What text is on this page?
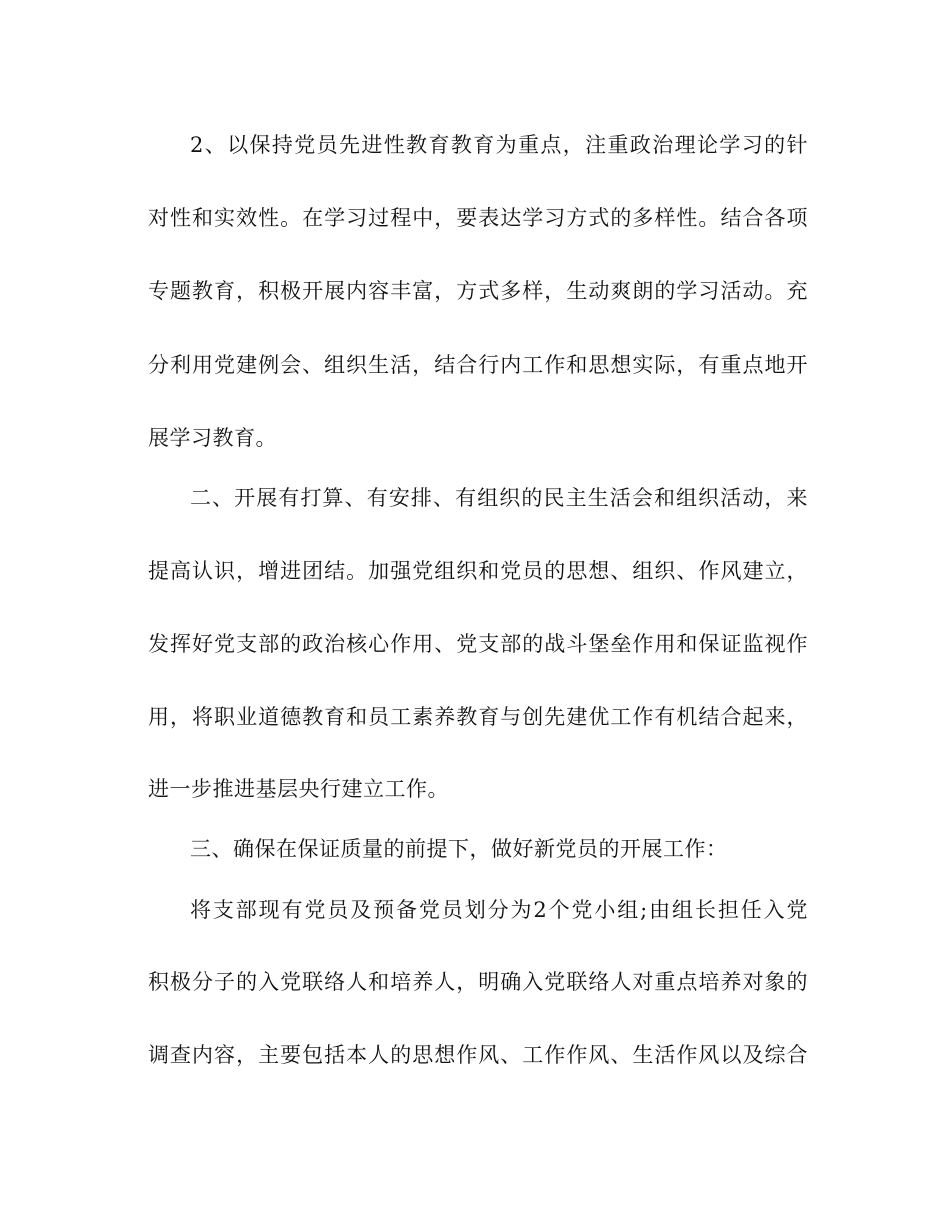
2、以保持党员先进性教育教育为重点，注重政治理论学习的针
对性和实效性。在学习过程中，要表达学习方式的多样性。结合各项
专题教育，积极开展内容丰富，方式多样，生动爽朗的学习活动。充
分利用党建例会、组织生活，结合行内工作和思想实际，有重点地开
展学习教育。
二、开展有打算、有安排、有组织的民主生活会和组织活动，来
提高认识，增进团结。加强党组织和党员的思想、组织、作风建立，
发挥好党支部的政治核心作用、党支部的战斗堡垒作用和保证监视作
用，将职业道德教育和员工素养教育与创先建优工作有机结合起来，
进一步推进基层央行建立工作。
三、确保在保证质量的前提下，做好新党员的开展工作：
将支部现有党员及预备党员划分为2个党小组;由组长担任入党
积极分子的入党联络人和培养人，明确入党联络人对重点培养对象的
调查内容，主要包括本人的思想作风、工作作风、生活作风以及综合
